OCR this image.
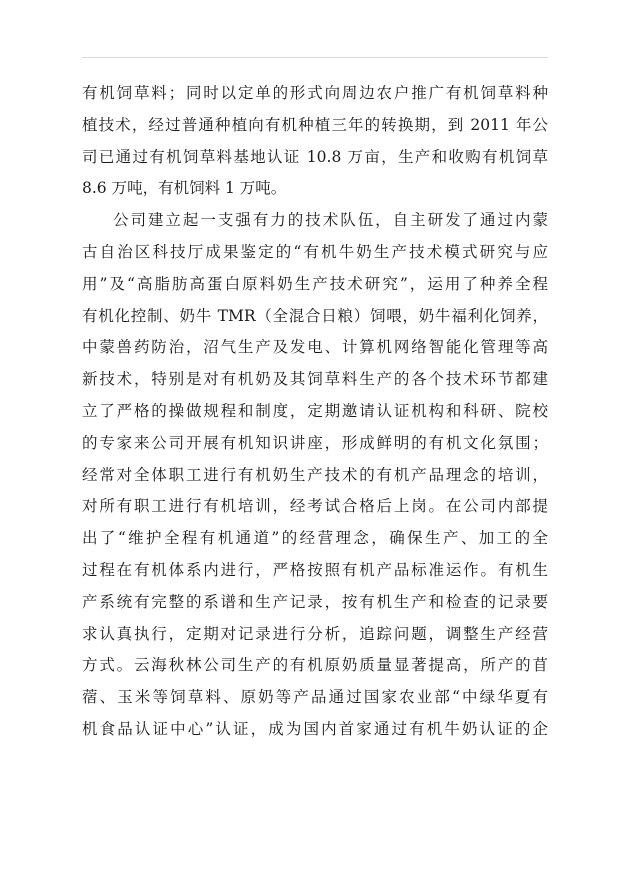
有机饲草料；同时以定单的形式向周边农户推广有机饲草料种
植技术，经过普通种植向有机种植三年的转换期，到 2011 年公
司已通过有机饲草料基地认证 10.8 万亩，生产和收购有机饲草
8.6 万吨，有机饲料 1 万吨。
公司建立起一支强有力的技术队伍，自主研发了通过内蒙
古自治区科技厅成果鉴定的“有机牛奶生产技术模式研究与应
用”及“高脂肪高蛋白原料奶生产技术研究”，运用了种养全程
有机化控制、奶牛 TMR（全混合日粮）饲喂，奶牛福利化饲养，
中蒙兽药防治，沼气生产及发电、计算机网络智能化管理等高
新技术，特别是对有机奶及其饲草料生产的各个技术环节都建
立了严格的操做规程和制度，定期邀请认证机构和科研、院校
的专家来公司开展有机知识讲座，形成鲜明的有机文化氛围；
经常对全体职工进行有机奶生产技术的有机产品理念的培训，
对所有职工进行有机培训，经考试合格后上岗。在公司内部提
出了“维护全程有机通道”的经营理念，确保生产、加工的全
过程在有机体系内进行，严格按照有机产品标准运作。有机生
产系统有完整的系谱和生产记录，按有机生产和检查的记录要
求认真执行，定期对记录进行分析，追踪问题，调整生产经营
方式。云海秋林公司生产的有机原奶质量显著提高，所产的苜
蓿、玉米等饲草料、原奶等产品通过国家农业部“中绿华夏有
机食品认证中心”认证，成为国内首家通过有机牛奶认证的企
